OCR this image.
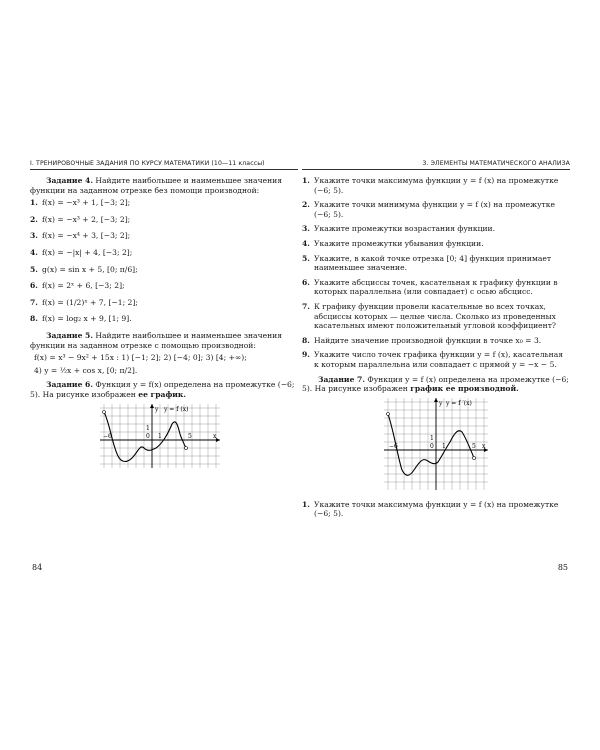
I. ТРЕНИРОВОЧНЫЕ ЗАДАНИЯ ПО КУРСУ МАТЕМАТИКИ (10—11 классы)

Задание 4. Найдите наибольшее и наименьшее значения функции на заданном отрезке без помощи производной:

1. f(x) = −x³ + 1, [−3; 2];
2. f(x) = −x³ + 2, [−3; 2];
3. f(x) = −x⁴ + 3, [−3; 2];
4. f(x) = −|x| + 4, [−3; 2];
5. g(x) = sin x + 5, [0; π/6];
6. f(x) = 2ˣ + 6, [−3; 2];
7. f(x) = (1/2)ˣ + 7, [−1; 2];
8. f(x) = log₂ x + 9, [1; 9].

Задание 5. Найдите наибольшее и наименьшее значения функции на заданном отрезке с помощью производной:

f(x) = x³ − 9x² + 15x : 1) [−1; 2]; 2) [−4; 0]; 3) [4; +∞);

4) y = ½x + cos x, [0; π/2].

Задание 6. Функция y = f(x) определена на промежутке (−6; 5). На рисунке изображен ее график.

y
x
y = f (x)
−6	0 1	5
1
84
3. ЭЛЕМЕНТЫ МАТЕМАТИЧЕСКОГО АНАЛИЗА
1. Укажите точки максимума функции y = f (x) на промежутке (−6; 5).
2. Укажите точки минимума функции y = f (x) на промежутке (−6; 5).
3. Укажите промежутки возрастания функции.
4. Укажите промежутки убывания функции.
5. Укажите, в какой точке отрезка [0; 4] функция принимает наименьшее значение.
6. Укажите абсциссы точек, касательная к графику функции в которых параллельна (или совпадает) с осью абсцисс.
7. К графику функции провели касательные во всех точках, абсциссы которых — целые числа. Сколько из проведенных касательных имеют положительный угловой коэффициент?
8. Найдите значение производной функции в точке x₀ = 3.
9. Укажите число точек графика функции y = f (x), касательная к которым параллельна или совпадает с прямой y = −x − 5.

Задание 7. Функция y = f (x) определена на промежутке (−6; 5). На рисунке изображен график ее производной.

y
x
y = f ′(x)
−6	0 1	5
1
1. Укажите точки максимума функции y = f (x) на промежутке (−6; 5).
85
